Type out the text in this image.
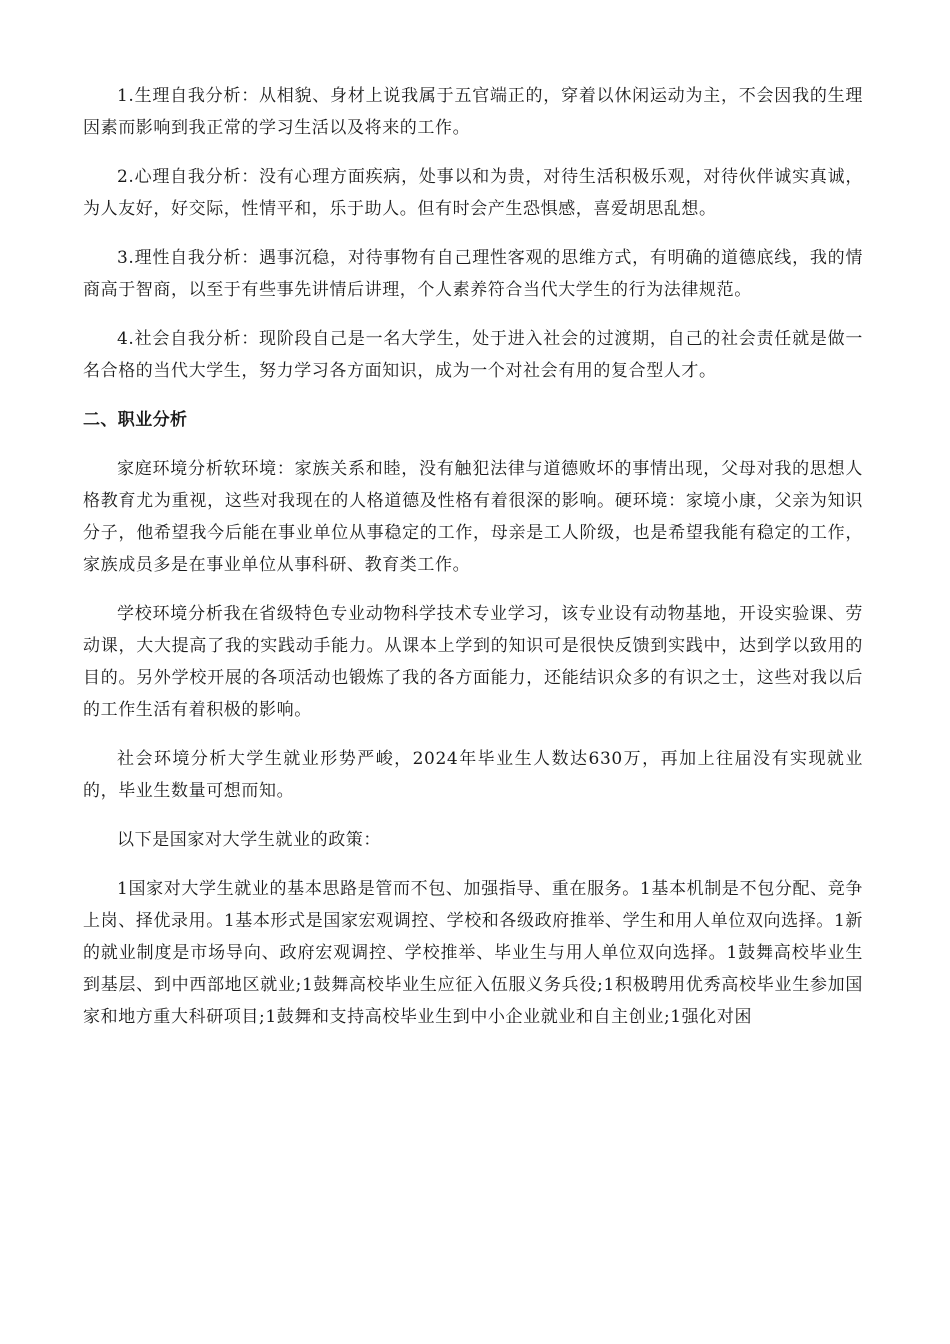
1.生理自我分析：从相貌、身材上说我属于五官端正的，穿着以休闲运动为主，不会因我的生理因素而影响到我正常的学习生活以及将来的工作。

2.心理自我分析：没有心理方面疾病，处事以和为贵，对待生活积极乐观，对待伙伴诚实真诚，为人友好，好交际，性情平和，乐于助人。但有时会产生恐惧感，喜爱胡思乱想。

3.理性自我分析：遇事沉稳，对待事物有自己理性客观的思维方式，有明确的道德底线，我的情商高于智商，以至于有些事先讲情后讲理，个人素养符合当代大学生的行为法律规范。

4.社会自我分析：现阶段自己是一名大学生，处于进入社会的过渡期，自己的社会责任就是做一名合格的当代大学生，努力学习各方面知识，成为一个对社会有用的复合型人才。

二、职业分析

家庭环境分析软环境：家族关系和睦，没有触犯法律与道德败坏的事情出现，父母对我的思想人格教育尤为重视，这些对我现在的人格道德及性格有着很深的影响。硬环境：家境小康，父亲为知识分子，他希望我今后能在事业单位从事稳定的工作，母亲是工人阶级，也是希望我能有稳定的工作，家族成员多是在事业单位从事科研、教育类工作。

学校环境分析我在省级特色专业动物科学技术专业学习，该专业设有动物基地，开设实验课、劳动课，大大提高了我的实践动手能力。从课本上学到的知识可是很快反馈到实践中，达到学以致用的目的。另外学校开展的各项活动也锻炼了我的各方面能力，还能结识众多的有识之士，这些对我以后的工作生活有着积极的影响。

社会环境分析大学生就业形势严峻，2024年毕业生人数达630万，再加上往届没有实现就业的，毕业生数量可想而知。

以下是国家对大学生就业的政策：

1国家对大学生就业的基本思路是管而不包、加强指导、重在服务。1基本机制是不包分配、竞争上岗、择优录用。1基本形式是国家宏观调控、学校和各级政府推举、学生和用人单位双向选择。1新的就业制度是市场导向、政府宏观调控、学校推举、毕业生与用人单位双向选择。1鼓舞高校毕业生到基层、到中西部地区就业;1鼓舞高校毕业生应征入伍服义务兵役;1积极聘用优秀高校毕业生参加国家和地方重大科研项目;1鼓舞和支持高校毕业生到中小企业就业和自主创业;1强化对困
